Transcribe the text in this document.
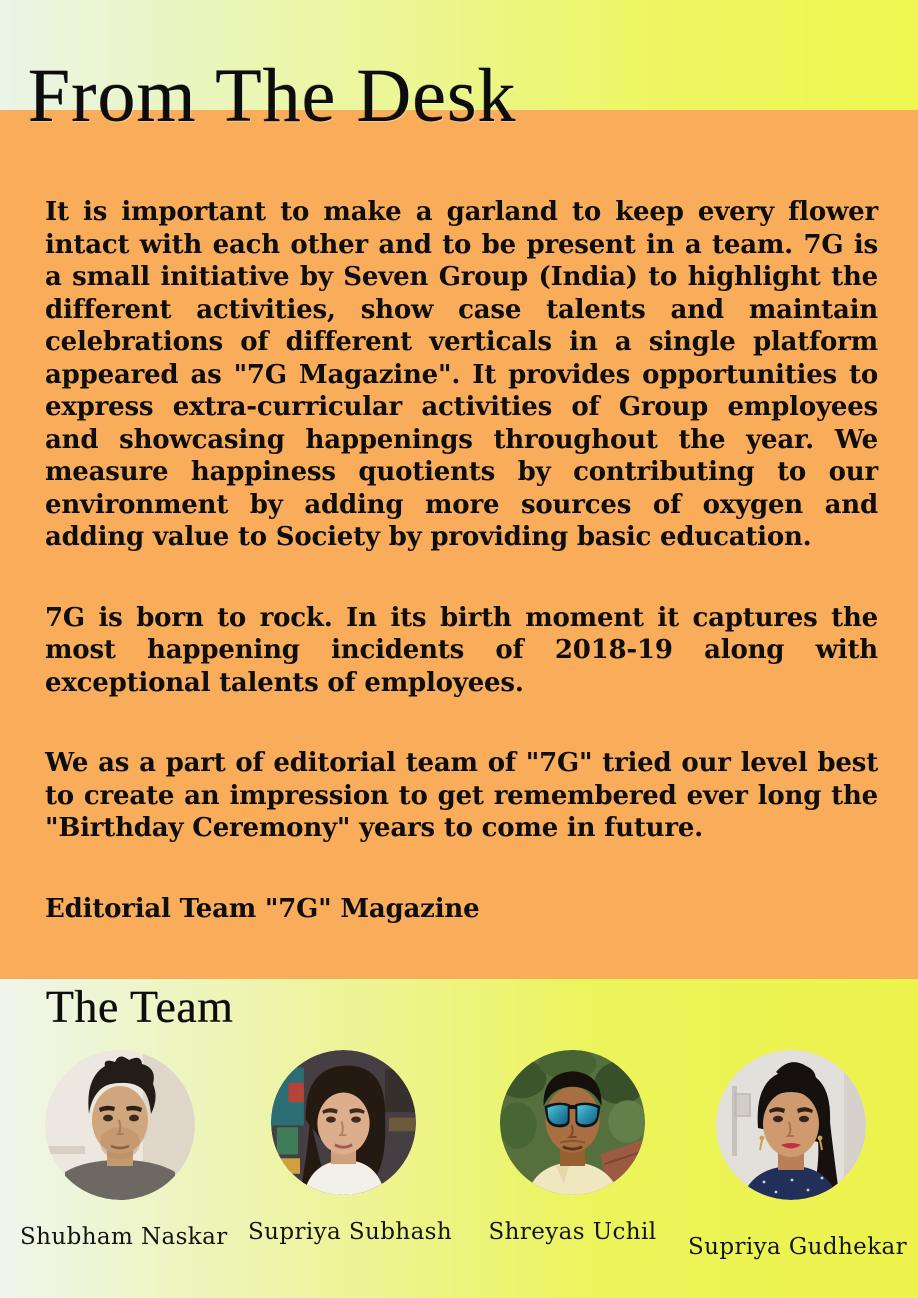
From The Desk

It is important to make a garland to keep every flower intact with each other and to be present in a team. 7G is a small initiative by Seven Group (India) to highlight the different activities, show case talents and maintain celebrations of different verticals in a single platform appeared as "7G Magazine". It provides opportunities to express extra-curricular activities of Group employees and showcasing happenings throughout the year. We measure happiness quotients by contributing to our environment by adding more sources of oxygen and adding value to Society by providing basic education.

7G is born to rock. In its birth moment it captures the most happening incidents of 2018-19 along with exceptional talents of employees.

We as a part of editorial team of "7G" tried our level best to create an impression to get remembered ever long the "Birthday Ceremony" years to come in future.

Editorial Team "7G" Magazine

The Team
Shubham Naskar Supriya Subhash Shreyas Uchil
Supriya Gudhekar
